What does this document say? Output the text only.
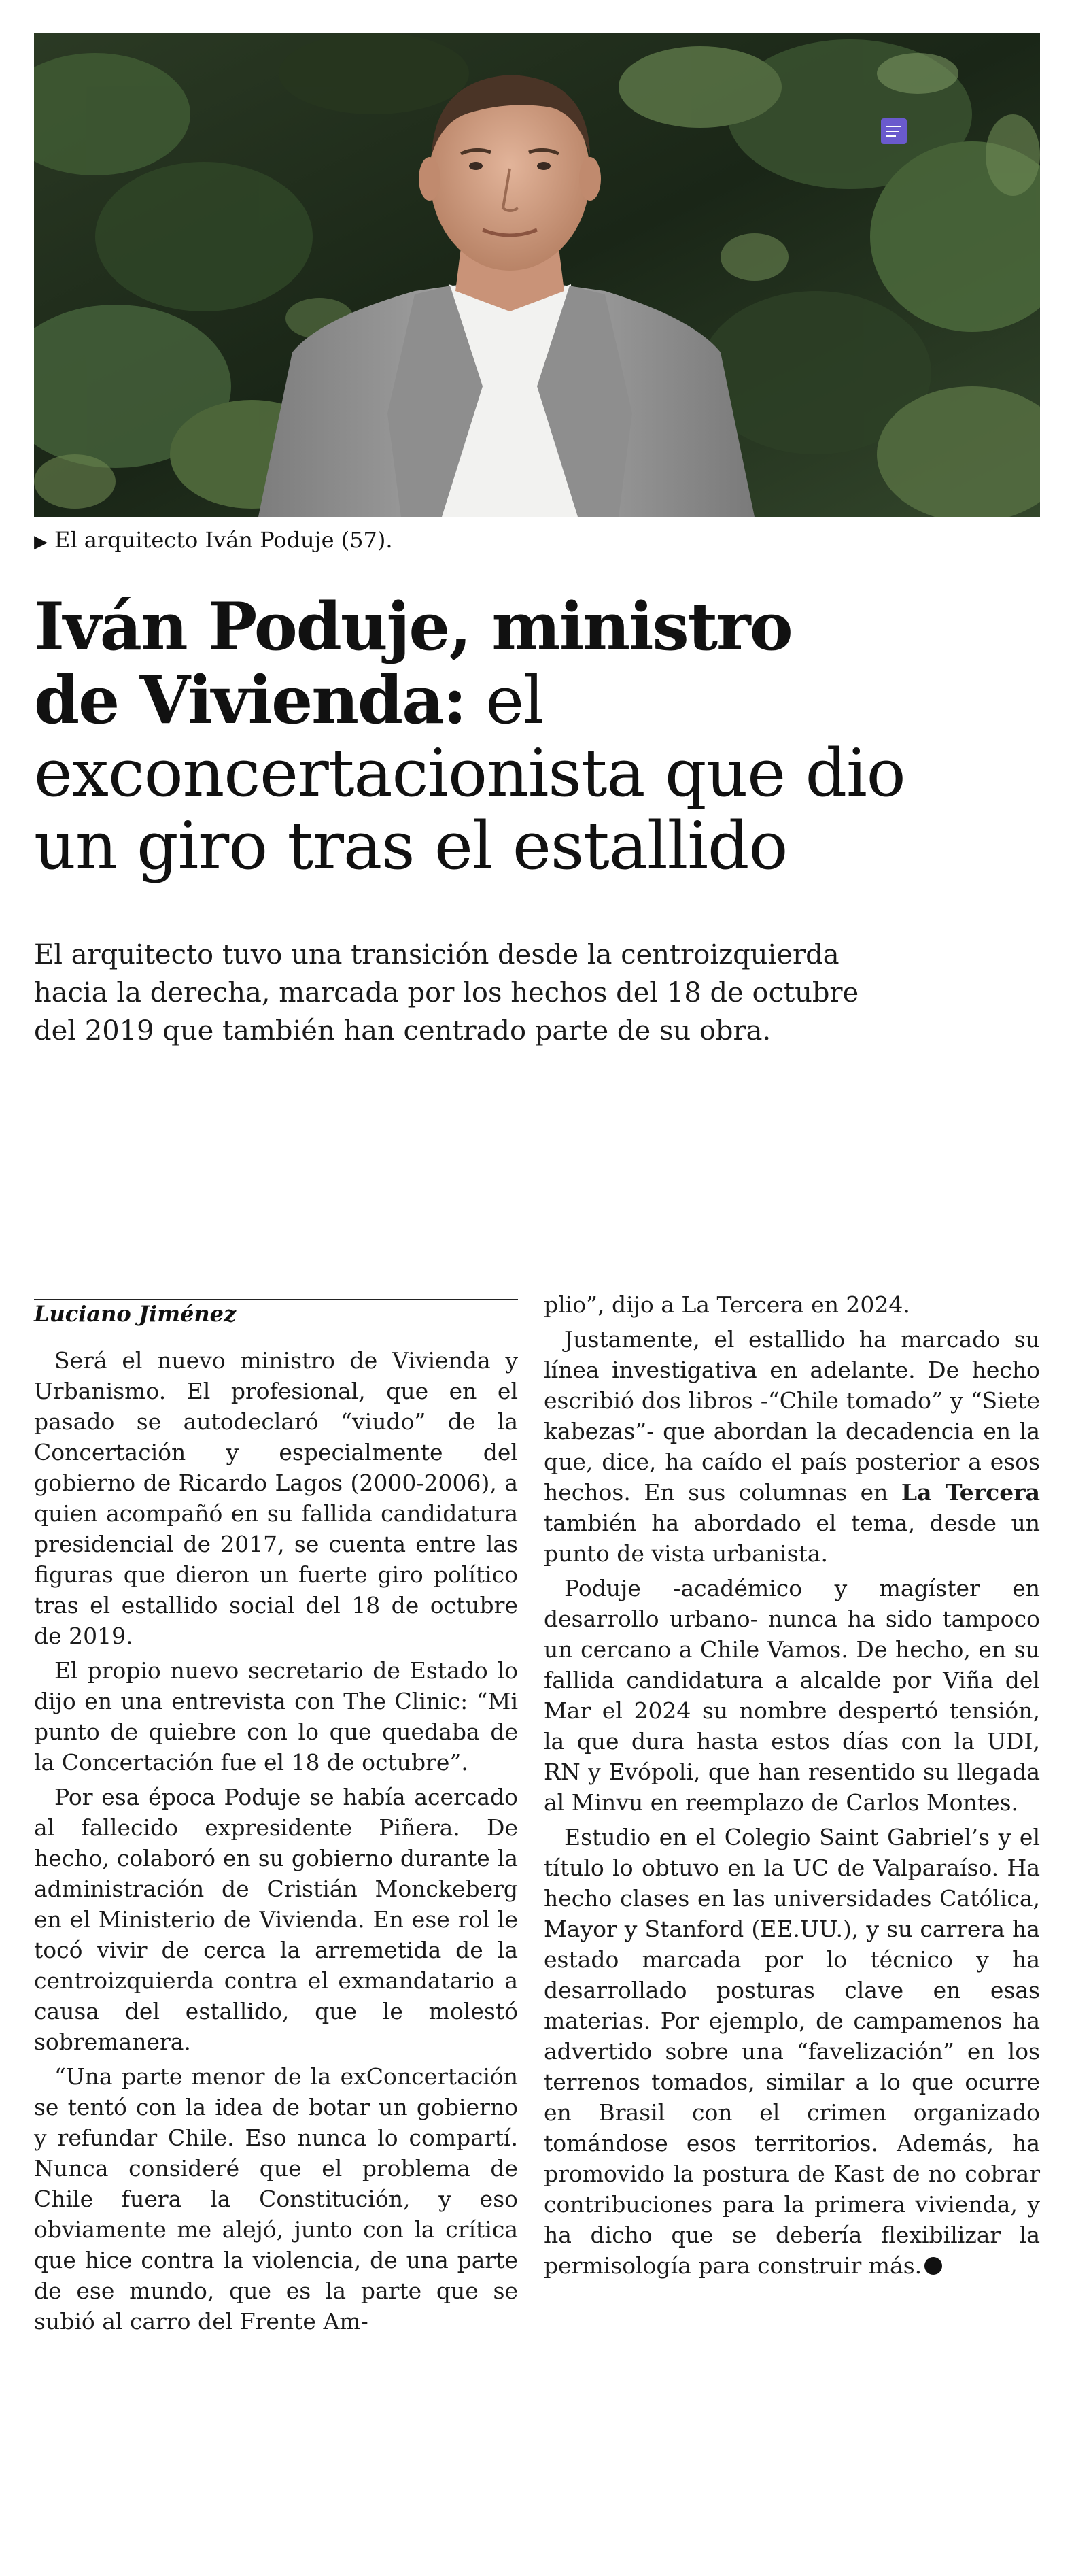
▶ El arquitecto Iván Poduje (57).
Iván Poduje, ministro
de Vivienda: el
exconcertacionista que dio
un giro tras el estallido
El arquitecto tuvo una transición desde la centroizquierda
hacia la derecha, marcada por los hechos del 18 de octubre
del 2019 que también han centrado parte de su obra.
Luciano Jiménez

Será el nuevo ministro de Vivienda y Urbanismo. El profesional, que en el pasado se autodeclaró “viudo” de la Concertación y especialmente del gobierno de Ricardo Lagos (2000-2006), a quien acompañó en su fallida candidatura presidencial de 2017, se cuenta entre las figuras que dieron un fuerte giro político tras el estallido social del 18 de octubre de 2019.

El propio nuevo secretario de Estado lo dijo en una entrevista con The Clinic: “Mi punto de quiebre con lo que quedaba de la Concertación fue el 18 de octubre”.

Por esa época Poduje se había acercado al fallecido expresidente Piñera. De hecho, colaboró en su gobierno durante la administración de Cristián Monckeberg en el Ministerio de Vivienda. En ese rol le tocó vivir de cerca la arremetida de la centroizquierda contra el exmandatario a causa del estallido, que le molestó sobremanera.

“Una parte menor de la exConcertación se tentó con la idea de botar un gobierno y refundar Chile. Eso nunca lo compartí. Nunca consideré que el problema de Chile fuera la Constitución, y eso obviamente me alejó, junto con la crítica que hice contra la violencia, de una parte de ese mundo, que es la parte que se subió al carro del Frente Am-

plio”, dijo a La Tercera en 2024.

Justamente, el estallido ha marcado su línea investigativa en adelante. De hecho escribió dos libros -“Chile tomado” y “Siete kabezas”- que abordan la decadencia en la que, dice, ha caído el país posterior a esos hechos. En sus columnas en La Tercera también ha abordado el tema, desde un punto de vista urbanista.

Poduje -académico y magíster en desarrollo urbano- nunca ha sido tampoco un cercano a Chile Vamos. De hecho, en su fallida candidatura a alcalde por Viña del Mar el 2024 su nombre despertó tensión, la que dura hasta estos días con la UDI, RN y Evópoli, que han resentido su llegada al Minvu en reemplazo de Carlos Montes.

Estudio en el Colegio Saint Gabriel’s y el título lo obtuvo en la UC de Valparaíso. Ha hecho clases en las universidades Católica, Mayor y Stanford (EE.UU.), y su carrera ha estado marcada por lo técnico y ha desarrollado posturas clave en esas materias. Por ejemplo, de campamenos ha advertido sobre una “favelización” en los terrenos tomados, similar a lo que ocurre en Brasil con el crimen organizado tomándose esos territorios. Además, ha promovido la postura de Kast de no cobrar contribuciones para la primera vivienda, y ha dicho que se debería flexibilizar la permisología para construir más.
